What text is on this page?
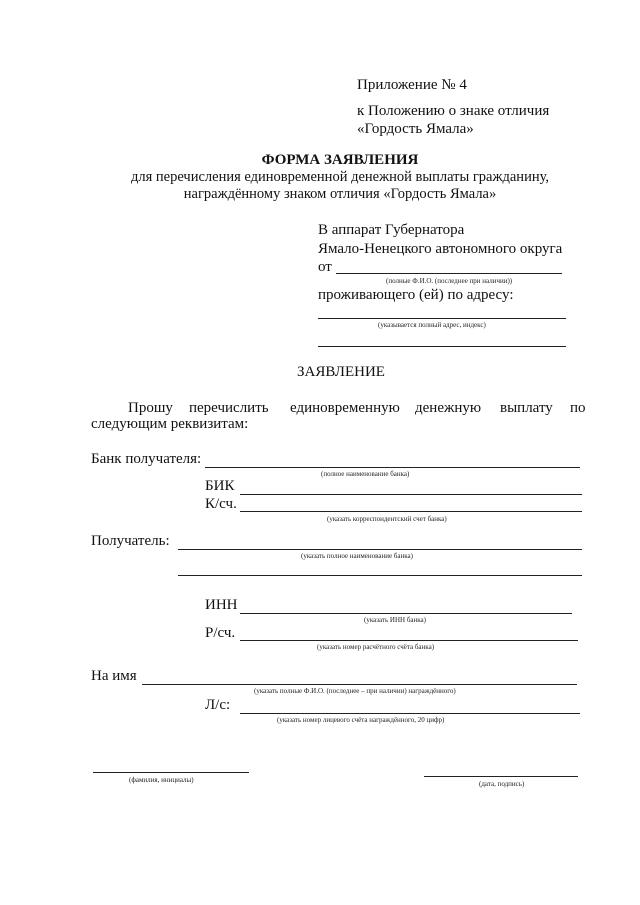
Приложение № 4
к Положению о знаке отличия
«Гордость Ямала»
ФОРМА ЗАЯВЛЕНИЯ
для перечисления единовременной денежной выплаты гражданину,
награждённому знаком отличия «Гордость Ямала»
В аппарат Губернатора
Ямало-Ненецкого автономного округа
от
(полные Ф.И.О. (последнее при наличии))
проживающего (ей) по адресу:
(указывается полный адрес, индекс)
ЗАЯВЛЕНИЕ
Прошу перечислить единовременную денежную выплату по
следующим реквизитам:
Банк получателя:
(полное наименование банка)
БИК
К/сч.
(указать корреспондентский счет банка)
Получатель:
(указать полное наименование банка)
ИНН
(указать ИНН банка)
Р/сч.
(указать номер расчётного счёта банка)
На имя
(указать полные Ф.И.О. (последнее – при наличии) награждённого)
Л/с:
(указать номер лицевого счёта награждённого, 20 цифр)
(фамилия, инициалы)	(дата, подпись)
